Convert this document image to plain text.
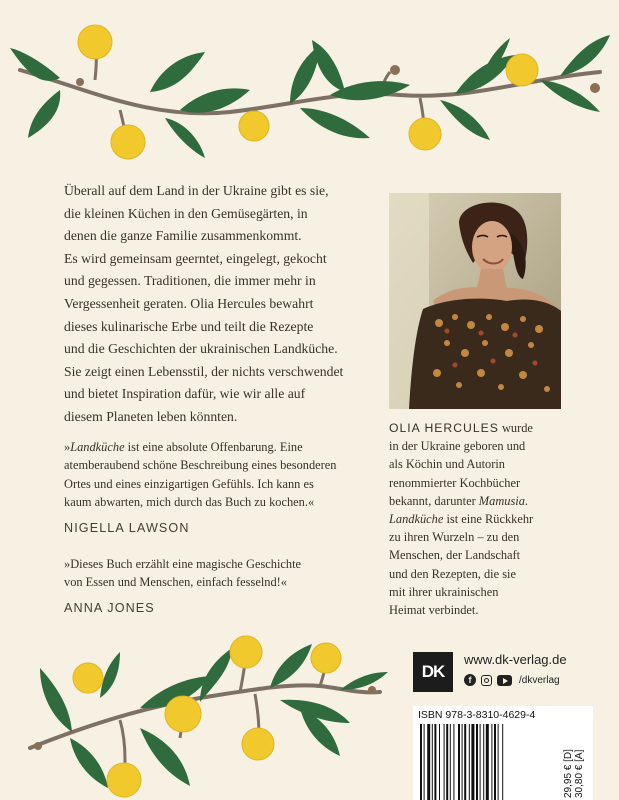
Überall auf dem Land in der Ukraine gibt es sie,

die kleinen Küchen in den Gemüsegärten, in

denen die ganze Familie zusammenkommt.

Es wird gemeinsam geerntet, eingelegt, gekocht

und gegessen. Traditionen, die immer mehr in

Vergessenheit geraten. Olia Hercules bewahrt

dieses kulinarische Erbe und teilt die Rezepte

und die Geschichten der ukrainischen Landküche.

Sie zeigt einen Lebensstil, der nichts verschwendet

und bietet Inspiration dafür, wie wir alle auf

diesem Planeten leben könnten.

»Landküche ist eine absolute Offenbarung. Eine

atemberaubend schöne Beschreibung eines besonderen

Ortes und eines einzigartigen Gefühls. Ich kann es

kaum abwarten, mich durch das Buch zu kochen.«

NIGELLA LAWSON

»Dieses Buch erzählt eine magische Geschichte

von Essen und Menschen, einfach fesselnd!«

ANNA JONES

OLIA HERCULES wurde

in der Ukraine geboren und

als Köchin und Autorin

renommierter Kochbücher

bekannt, darunter Mamusia.

Landküche ist eine Rückkehr

zu ihren Wurzeln – zu den

Menschen, der Landschaft

und den Rezepten, die sie

mit ihrer ukrainischen

Heimat verbindet.

DK
www.dk-verlag.de
f	/dkverlag
ISBN 978-3-8310-4629-4
29,95 € [D] 30,80 € [A]
